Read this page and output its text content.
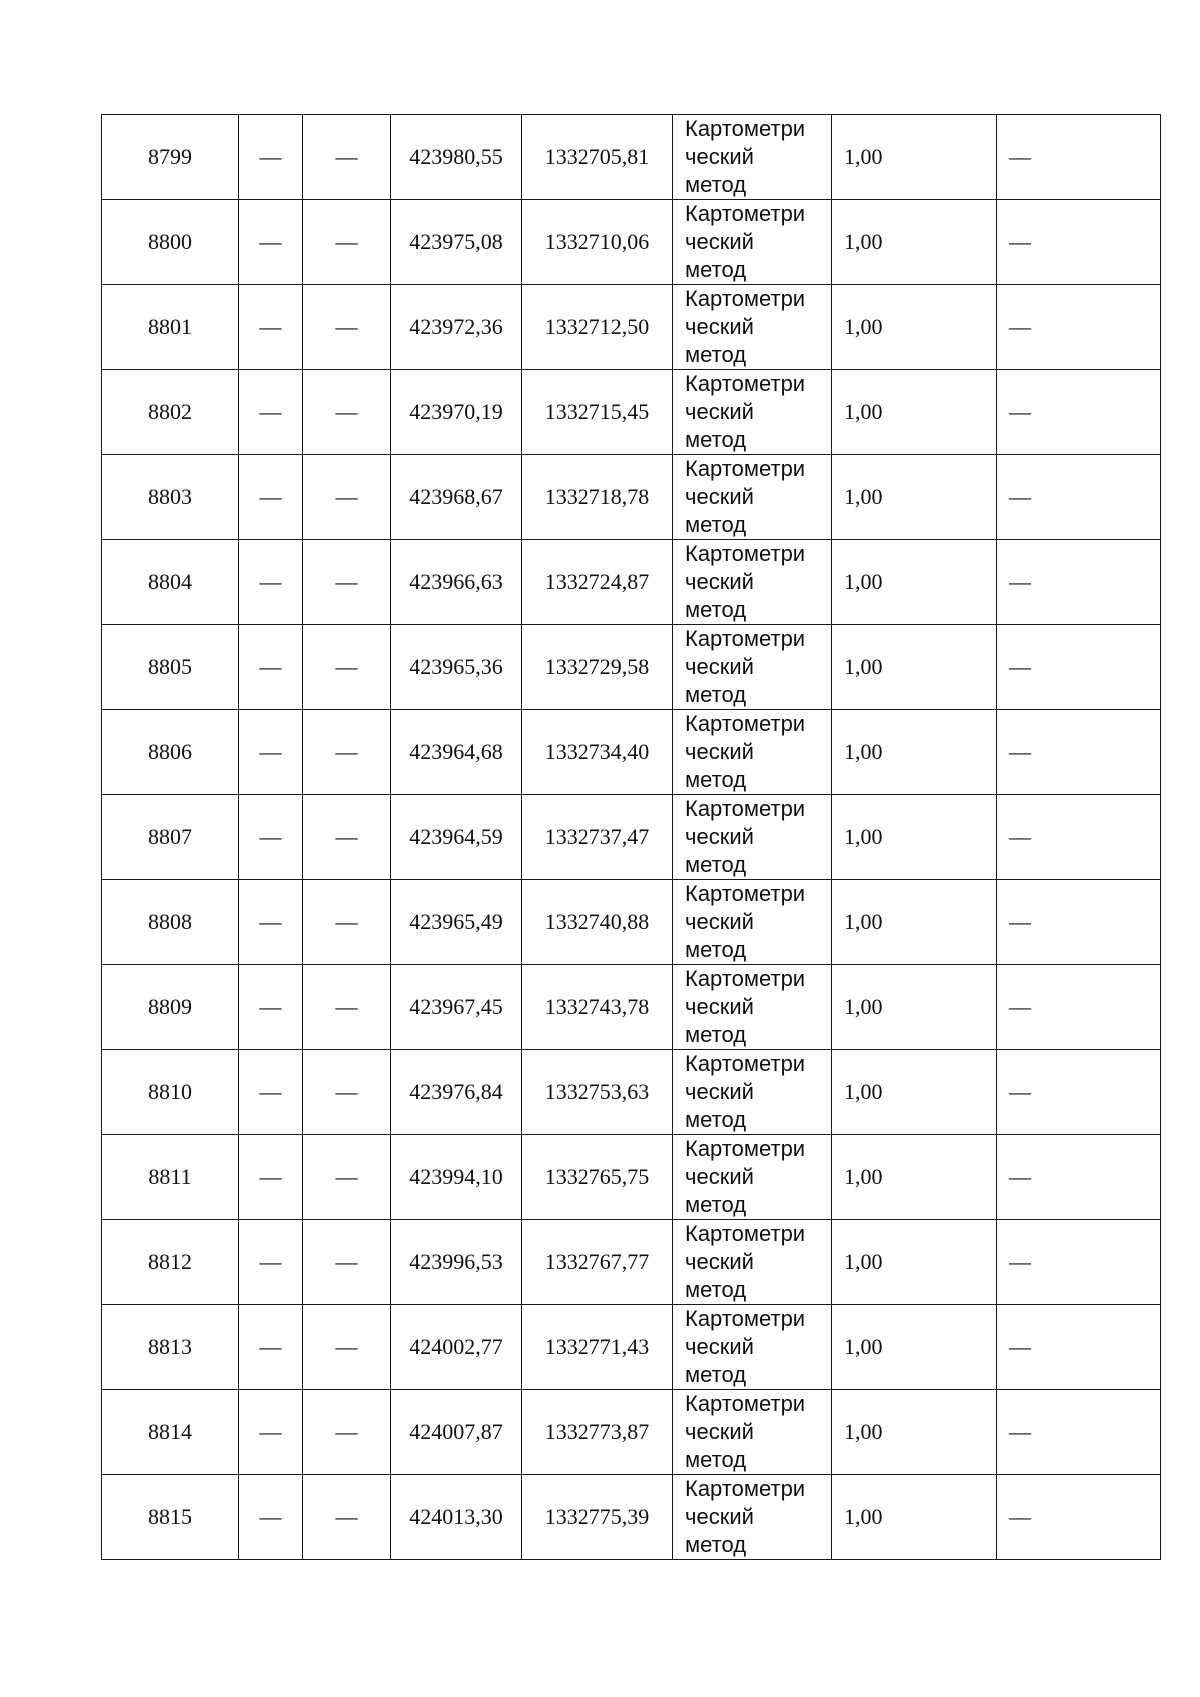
8799	—	—	423980,55	1332705,81	Картометри
ческий
метод	1,00	—
8800	—	—	423975,08	1332710,06	Картометри
ческий
метод	1,00	—
8801	—	—	423972,36	1332712,50	Картометри
ческий
метод	1,00	—
8802	—	—	423970,19	1332715,45	Картометри
ческий
метод	1,00	—
8803	—	—	423968,67	1332718,78	Картометри
ческий
метод	1,00	—
8804	—	—	423966,63	1332724,87	Картометри
ческий
метод	1,00	—
8805	—	—	423965,36	1332729,58	Картометри
ческий
метод	1,00	—
8806	—	—	423964,68	1332734,40	Картометри
ческий
метод	1,00	—
8807	—	—	423964,59	1332737,47	Картометри
ческий
метод	1,00	—
8808	—	—	423965,49	1332740,88	Картометри
ческий
метод	1,00	—
8809	—	—	423967,45	1332743,78	Картометри
ческий
метод	1,00	—
8810	—	—	423976,84	1332753,63	Картометри
ческий
метод	1,00	—
8811	—	—	423994,10	1332765,75	Картометри
ческий
метод	1,00	—
8812	—	—	423996,53	1332767,77	Картометри
ческий
метод	1,00	—
8813	—	—	424002,77	1332771,43	Картометри
ческий
метод	1,00	—
8814	—	—	424007,87	1332773,87	Картометри
ческий
метод	1,00	—
8815	—	—	424013,30	1332775,39	Картометри
ческий
метод	1,00	—
